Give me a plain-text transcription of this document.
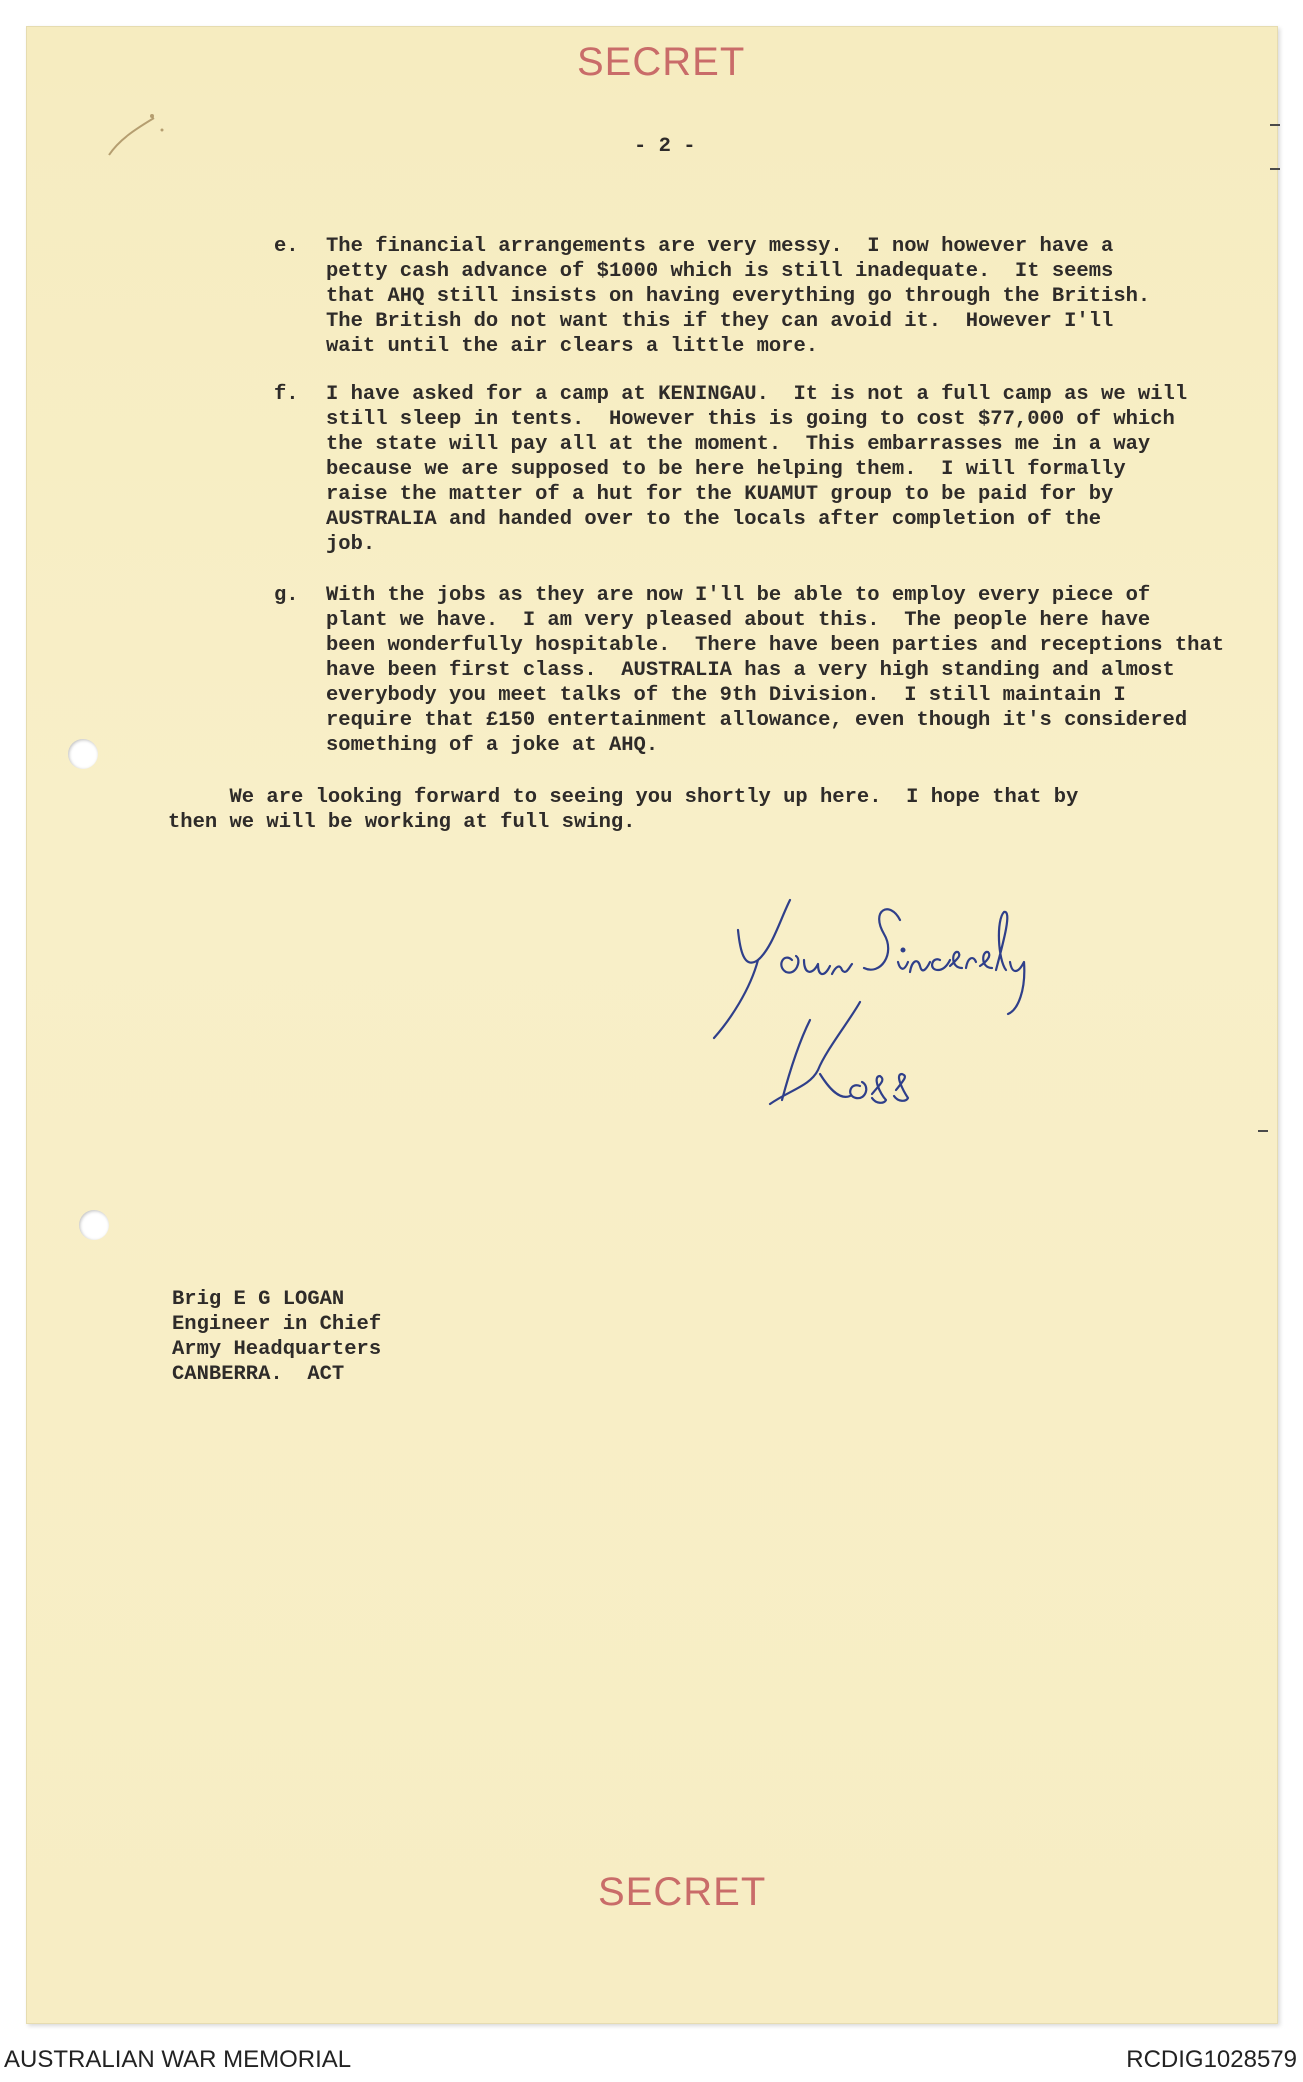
SECRET
- 2 -
e. The financial arrangements are very messy.  I now however have a
petty cash advance of $1000 which is still inadequate.  It seems
that AHQ still insists on having everything go through the British.
The British do not want this if they can avoid it.  However I'll
wait until the air clears a little more.
f. I have asked for a camp at KENINGAU.  It is not a full camp as we will
still sleep in tents.  However this is going to cost $77,000 of which
the state will pay all at the moment.  This embarrasses me in a way
because we are supposed to be here helping them.  I will formally
raise the matter of a hut for the KUAMUT group to be paid for by
AUSTRALIA and handed over to the locals after completion of the
job.
g. With the jobs as they are now I'll be able to employ every piece of
plant we have.  I am very pleased about this.  The people here have
been wonderfully hospitable.  There have been parties and receptions that
have been first class.  AUSTRALIA has a very high standing and almost
everybody you meet talks of the 9th Division.  I still maintain I
require that £150 entertainment allowance, even though it's considered
something of a joke at AHQ.
We are looking forward to seeing you shortly up here.  I hope that by
then we will be working at full swing.
Brig E G LOGAN
Engineer in Chief
Army Headquarters
CANBERRA.  ACT
SECRET
AUSTRALIAN WAR MEMORIAL	RCDIG1028579
